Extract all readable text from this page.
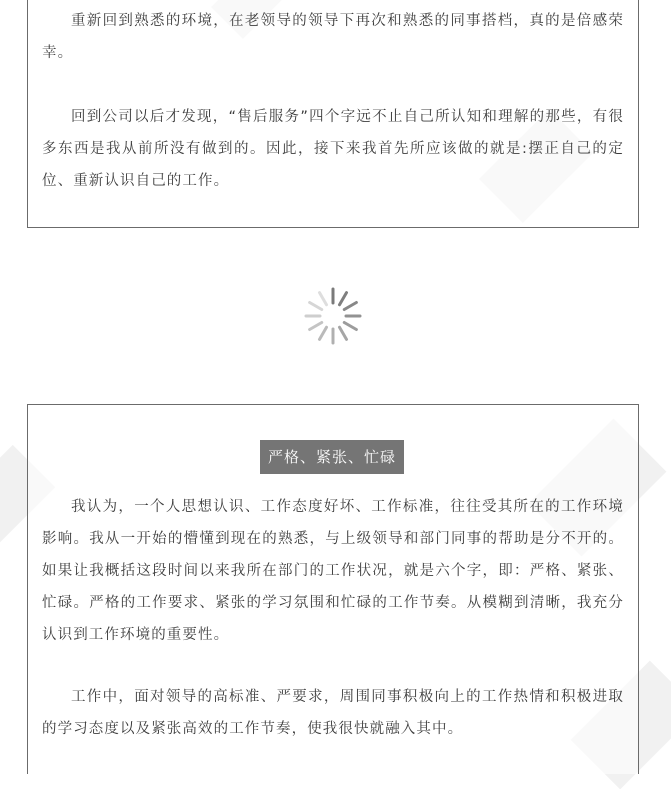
重新回到熟悉的环境，在老领导的领导下再次和熟悉的同事搭档，真的是倍感荣幸。

回到公司以后才发现，“售后服务”四个字远不止自己所认知和理解的那些，有很多东西是我从前所没有做到的。因此，接下来我首先所应该做的就是:摆正自己的定位、重新认识自己的工作。

严格、紧张、忙碌

我认为，一个人思想认识、工作态度好坏、工作标准，往往受其所在的工作环境影响。我从一开始的懵懂到现在的熟悉，与上级领导和部门同事的帮助是分不开的。如果让我概括这段时间以来我所在部门的工作状况，就是六个字，即：严格、紧张、忙碌。严格的工作要求、紧张的学习氛围和忙碌的工作节奏。从模糊到清晰，我充分认识到工作环境的重要性。

工作中，面对领导的高标准、严要求，周围同事积极向上的工作热情和积极进取的学习态度以及紧张高效的工作节奏，使我很快就融入其中。
